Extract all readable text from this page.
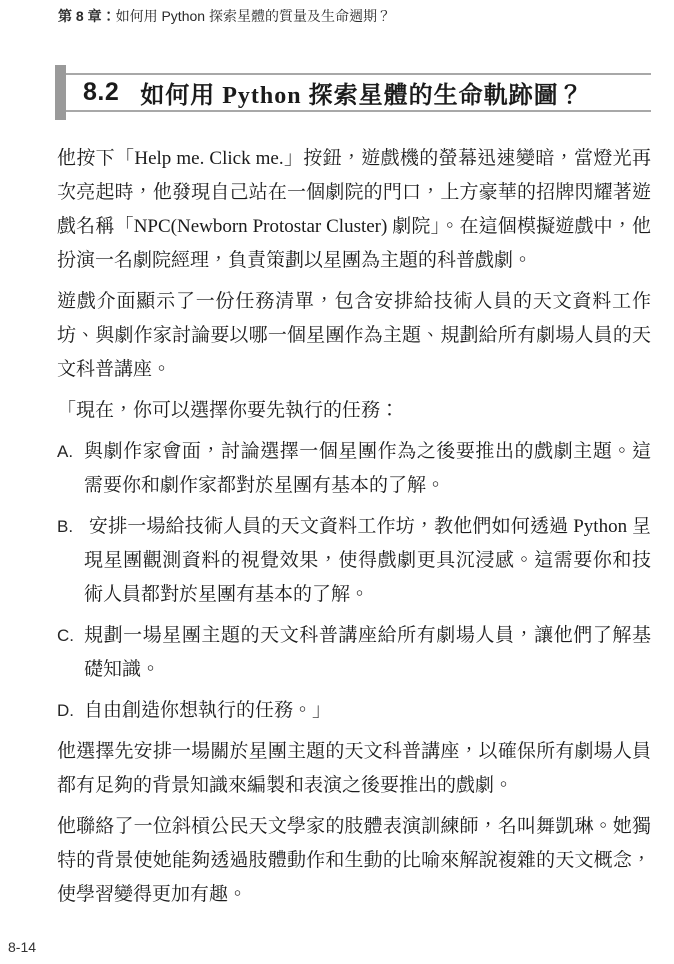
第 8 章：如何用 Python 探索星體的質量及生命週期？
8.2 如何用 Python 探索星體的生命軌跡圖？

他按下「Help me. Click me.」按鈕，遊戲機的螢幕迅速變暗，當燈光再次亮起時，他發現自己站在一個劇院的門口，上方豪華的招牌閃耀著遊戲名稱「NPC(Newborn Protostar Cluster) 劇院」。在這個模擬遊戲中，他扮演一名劇院經理，負責策劃以星團為主題的科普戲劇。

遊戲介面顯示了一份任務清單，包含安排給技術人員的天文資料工作坊、與劇作家討論要以哪一個星團作為主題、規劃給所有劇場人員的天文科普講座。

「現在，你可以選擇你要先執行的任務：

A. 與劇作家會面，討論選擇一個星團作為之後要推出的戲劇主題。這需要你和劇作家都對於星團有基本的了解。
B. 安排一場給技術人員的天文資料工作坊，教他們如何透過 Python 呈現星團觀測資料的視覺效果，使得戲劇更具沉浸感。這需要你和技術人員都對於星團有基本的了解。
C. 規劃一場星團主題的天文科普講座給所有劇場人員，讓他們了解基礎知識。
D. 自由創造你想執行的任務。」

他選擇先安排一場關於星團主題的天文科普講座，以確保所有劇場人員都有足夠的背景知識來編製和表演之後要推出的戲劇。

他聯絡了一位斜槓公民天文學家的肢體表演訓練師，名叫舞凱琳。她獨特的背景使她能夠透過肢體動作和生動的比喻來解說複雜的天文概念，使學習變得更加有趣。

8-14
